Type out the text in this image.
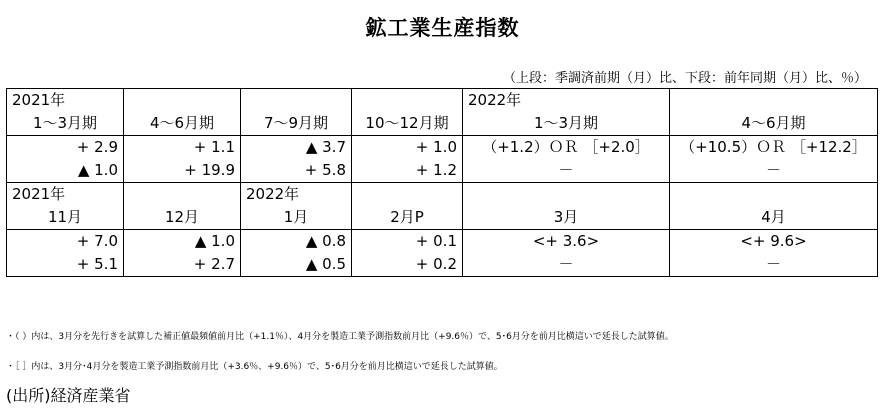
鉱工業生産指数
（上段：季調済前期（月）比、下段：前年同期（月）比、％）
2021年				2022年	
1～3月期	4～6月期	7～9月期	10～12月期	1～3月期	4～6月期
+ 2.9	+ 1.1	▲ 3.7	+ 1.0	（+1.2）ＯＲ ［+2.0］	（+10.5）ＯＲ ［+12.2］
▲ 1.0	+ 19.9	+ 5.8	+ 1.2	－	－
2021年		2022年			
11月	12月	1月	2月P	3月	4月
+ 7.0	▲ 1.0	▲ 0.8	+ 0.1	<+ 3.6>	<+ 9.6>
+ 5.1	+ 2.7	▲ 0.5	+ 0.2	－	－
・（ ）内は、3月分を先行きを試算した補正値最頻値前月比（+1.1％）、4月分を製造工業予測指数前月比（+9.6％）で、5･6月分を前月比横這いで延長した試算値。
・［ ］内は、3月分･4月分を製造工業予測指数前月比（+3.6％、+9.6％）で、5･6月分を前月比横這いで延長した試算値。
(出所)経済産業省
